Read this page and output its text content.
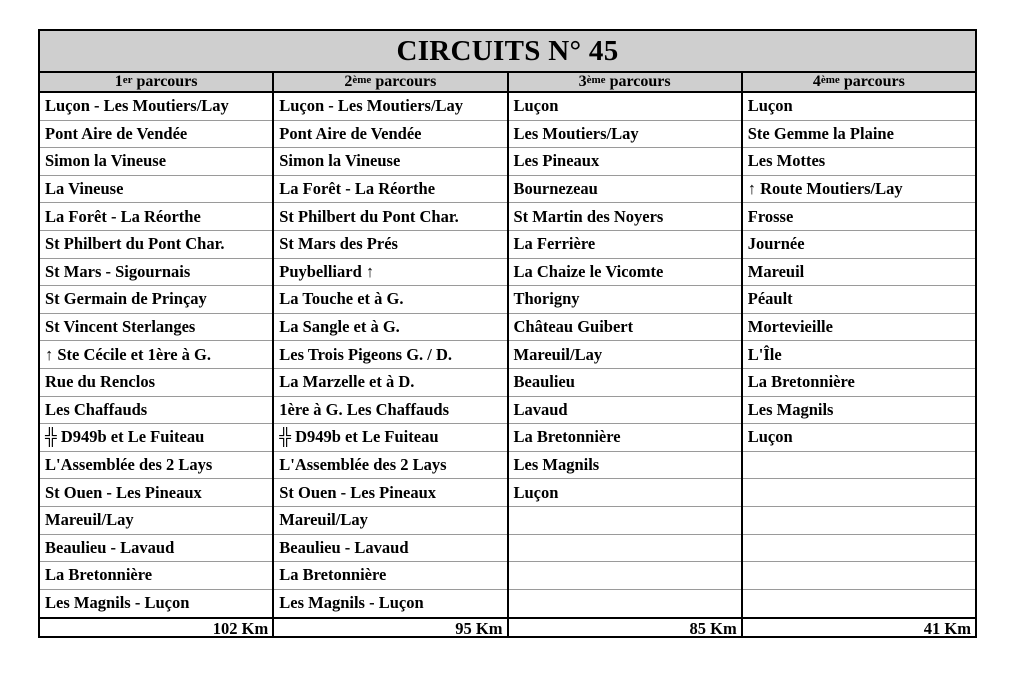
CIRCUITS N° 45
1er parcours
Luçon - Les Moutiers/Lay
Pont Aire de Vendée
Simon la Vineuse
La Vineuse
La Forêt - La Réorthe
St Philbert du Pont Char.
St Mars - Sigournais
St Germain de Prinçay
St Vincent Sterlanges
↑ Ste Cécile et 1ère à G.
Rue du Renclos
Les Chaffauds
╬ D949b et Le Fuiteau
L'Assemblée des 2 Lays
St Ouen - Les Pineaux
Mareuil/Lay
Beaulieu - Lavaud
La Bretonnière
Les Magnils - Luçon
102 Km
2ème parcours
Luçon - Les Moutiers/Lay
Pont Aire de Vendée
Simon la Vineuse
La Forêt - La Réorthe
St Philbert du Pont Char.
St Mars des Prés
Puybelliard ↑
La Touche et à G.
La Sangle et à G.
Les Trois Pigeons G. / D.
La Marzelle et à D.
1ère à G. Les Chaffauds
╬ D949b et Le Fuiteau
L'Assemblée des 2 Lays
St Ouen - Les Pineaux
Mareuil/Lay
Beaulieu - Lavaud
La Bretonnière
Les Magnils - Luçon
95 Km
3ème parcours
Luçon
Les Moutiers/Lay
Les Pineaux
Bournezeau
St Martin des Noyers
La Ferrière
La Chaize le Vicomte
Thorigny
Château Guibert
Mareuil/Lay
Beaulieu
Lavaud
La Bretonnière
Les Magnils
Luçon
85 Km
4ème parcours
Luçon
Ste Gemme la Plaine
Les Mottes
↑ Route Moutiers/Lay
Frosse
Journée
Mareuil
Péault
Mortevieille
L'Île
La Bretonnière
Les Magnils
Luçon
41 Km
